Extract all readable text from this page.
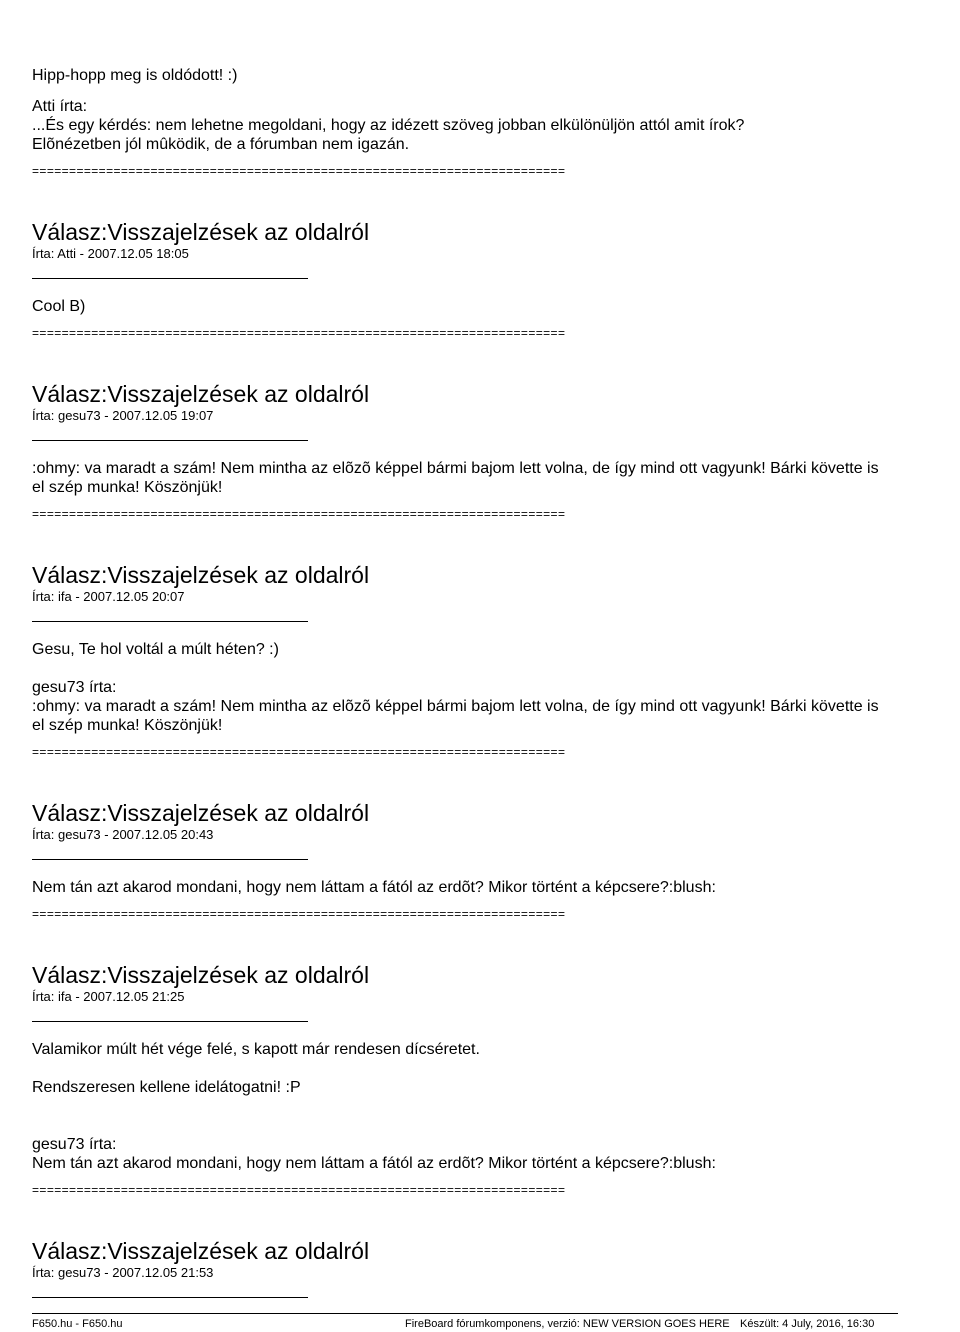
Hipp-hopp meg is oldódott! :)

Atti írta:

...És egy kérdés: nem lehetne megoldani, hogy az idézett szöveg jobban elkülönüljön attól amit írok?

Elõnézetben jól mûködik, de a fórumban nem igazán.

========================================================================
Válasz:Visszajelzések az oldalról
Írta: Atti - 2007.12.05 18:05

Cool B)

========================================================================
Válasz:Visszajelzések az oldalról
Írta: gesu73 - 2007.12.05 19:07

:ohmy: va maradt a szám! Nem mintha az elõzõ képpel bármi bajom lett volna, de így mind ott vagyunk! Bárki követte is

el szép munka! Köszönjük!

========================================================================
Válasz:Visszajelzések az oldalról
Írta: ifa - 2007.12.05 20:07

Gesu, Te hol voltál a múlt héten? :)

gesu73 írta:

:ohmy: va maradt a szám! Nem mintha az elõzõ képpel bármi bajom lett volna, de így mind ott vagyunk! Bárki követte is

el szép munka! Köszönjük!

========================================================================
Válasz:Visszajelzések az oldalról
Írta: gesu73 - 2007.12.05 20:43

Nem tán azt akarod mondani, hogy nem láttam a fától az erdõt? Mikor történt a képcsere?:blush:

========================================================================
Válasz:Visszajelzések az oldalról
Írta: ifa - 2007.12.05 21:25

Valamikor múlt hét vége felé, s kapott már rendesen dícséretet.

Rendszeresen kellene idelátogatni! :P

gesu73 írta:

Nem tán azt akarod mondani, hogy nem láttam a fától az erdõt? Mikor történt a képcsere?:blush:

========================================================================
Válasz:Visszajelzések az oldalról
Írta: gesu73 - 2007.12.05 21:53
F650.hu - F650.hu	FireBoard fórumkomponens, verzió: NEW VERSION GOES HERE Készült: 4 July, 2016, 16:30
